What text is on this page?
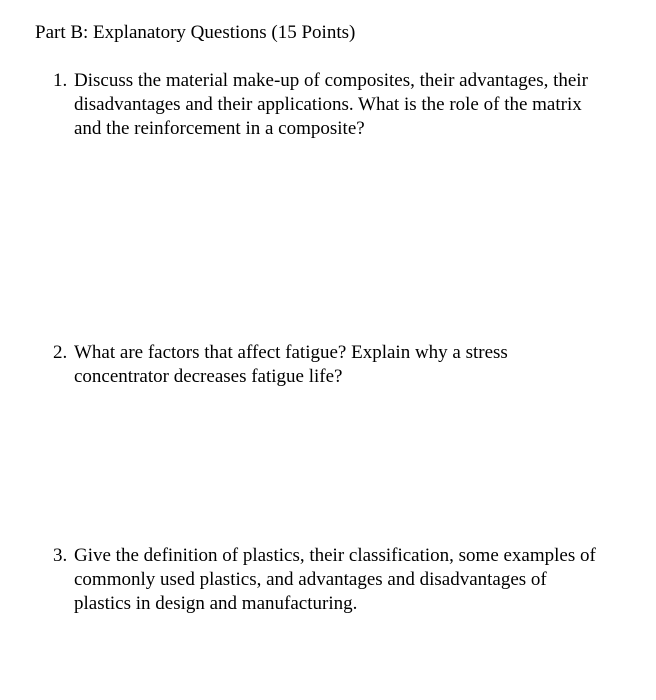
Part B: Explanatory Questions (15 Points)
1. Discuss the material make-up of composites, their advantages, their
disadvantages and their applications. What is the role of the matrix
and the reinforcement in a composite?
2. What are factors that affect fatigue? Explain why a stress
concentrator decreases fatigue life?
3. Give the definition of plastics, their classification, some examples of
commonly used plastics, and advantages and disadvantages of
plastics in design and manufacturing.
